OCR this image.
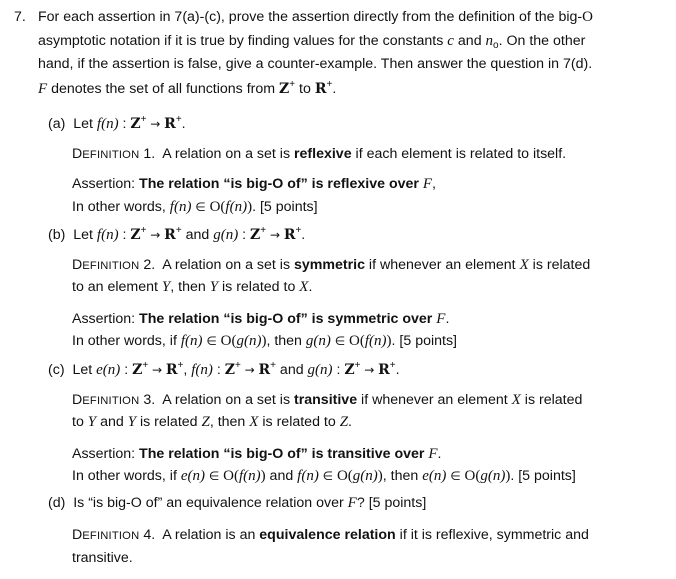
7. For each assertion in 7(a)-(c), prove the assertion directly from the definition of the big-O
asymptotic notation if it is true by finding values for the constants c and $n_o$. On the other
hand, if the assertion is false, give a counter-example. Then answer the question in 7(d).
F denotes the set of all functions from Z+ to R+.
(a) Let f(n) : Z+ → R+.
DEFINITION 1. A relation on a set is reflexive if each element is related to itself.
Assertion: The relation “is big-O of” is reflexive over F,
In other words, f(n) ∈ O(f(n)). [5 points]
(b) Let f(n) : Z+ → R+ and g(n) : Z+ → R+.
DEFINITION 2. A relation on a set is symmetric if whenever an element X is related
to an element Y, then Y is related to X.
Assertion: The relation “is big-O of” is symmetric over F.
In other words, if f(n) ∈ O(g(n)), then g(n) ∈ O(f(n)). [5 points]
(c) Let e(n) : Z+ → R+, f(n) : Z+ → R+ and g(n) : Z+ → R+.
DEFINITION 3. A relation on a set is transitive if whenever an element X is related
to Y and Y is related Z, then X is related to Z.
Assertion: The relation “is big-O of” is transitive over F.
In other words, if e(n) ∈ O(f(n)) and f(n) ∈ O(g(n)), then e(n) ∈ O(g(n)). [5 points]
(d) Is “is big-O of” an equivalence relation over F? [5 points]
DEFINITION 4. A relation is an equivalence relation if it is reflexive, symmetric and
transitive.
